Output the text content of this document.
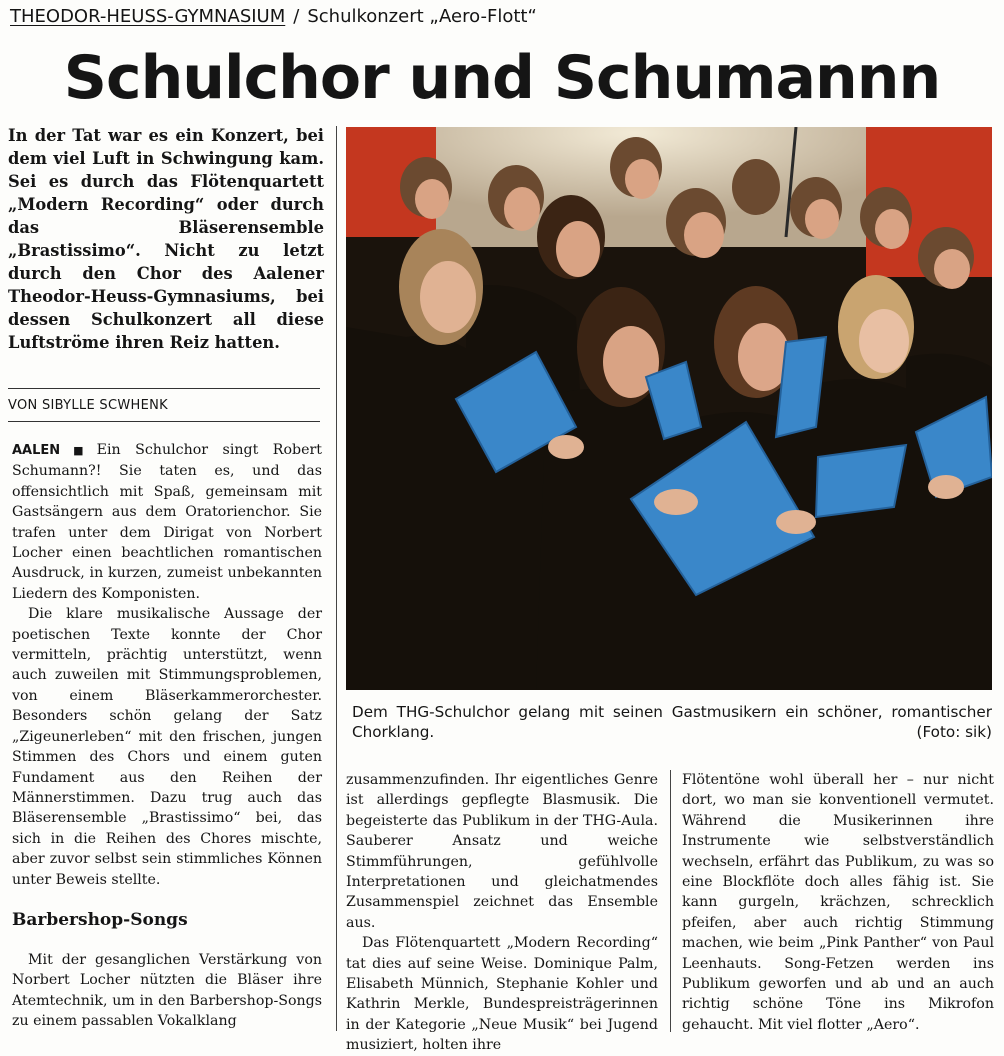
THEODOR-HEUSS-GYMNASIUM / Schulkonzert „Aero-Flott“
Schulchor und Schumannn

In der Tat war es ein Konzert, bei dem viel Luft in Schwingung kam. Sei es durch das Flötenquartett „Modern Recording“ oder durch das Bläserensemble „Brastissimo“. Nicht zu letzt durch den Chor des Aalener Theodor-Heuss-Gymnasiums, bei dessen Schulkonzert all diese Luftströme ihren Reiz hatten.

VON SIBYLLE SCWHENK

AALEN ■ Ein Schulchor singt Robert Schumann?! Sie taten es, und das offensichtlich mit Spaß, gemeinsam mit Gastsängern aus dem Oratorienchor. Sie trafen unter dem Dirigat von Norbert Locher einen beachtlichen romantischen Ausdruck, in kurzen, zumeist unbekannten Liedern des Komponisten.

Die klare musikalische Aussage der poetischen Texte konnte der Chor vermitteln, prächtig unterstützt, wenn auch zuweilen mit Stimmungsproblemen, von einem Bläserkammerorchester. Besonders schön gelang der Satz „Zigeunerleben“ mit den frischen, jungen Stimmen des Chors und einem guten Fundament aus den Reihen der Männerstimmen. Dazu trug auch das Bläserensemble „Brastissimo“ bei, das sich in die Reihen des Chores mischte, aber zuvor selbst sein stimmliches Können unter Beweis stellte.

Barbershop-Songs

Mit der gesanglichen Verstärkung von Norbert Locher nützten die Bläser ihre Atemtechnik, um in den Barbershop-Songs zu einem passablen Vokalklang

Dem THG-Schulchor gelang mit seinen Gastmusikern ein schöner, romantischer Chorklang.	(Foto: sik)

zusammenzufinden. Ihr eigentliches Genre ist allerdings gepflegte Blasmusik. Die begeisterte das Publikum in der THG-Aula. Sauberer Ansatz und weiche Stimmführungen, gefühlvolle Interpretationen und gleichatmendes Zusammenspiel zeichnet das Ensemble aus.

Das Flötenquartett „Modern Recording“ tat dies auf seine Weise. Dominique Palm, Elisabeth Münnich, Stephanie Kohler und Kathrin Merkle, Bundespreisträgerinnen in der Kategorie „Neue Musik“ bei Jugend musiziert, holten ihre

Flötentöne wohl überall her – nur nicht dort, wo man sie konventionell vermutet. Während die Musikerinnen ihre Instrumente wie selbstverständlich wechseln, erfährt das Publikum, zu was so eine Blockflöte doch alles fähig ist. Sie kann gurgeln, krächzen, schrecklich pfeifen, aber auch richtig Stimmung machen, wie beim „Pink Panther“ von Paul Leenhauts. Song-Fetzen werden ins Publikum geworfen und ab und an auch richtig schöne Töne ins Mikrofon gehaucht. Mit viel flotter „Aero“.
